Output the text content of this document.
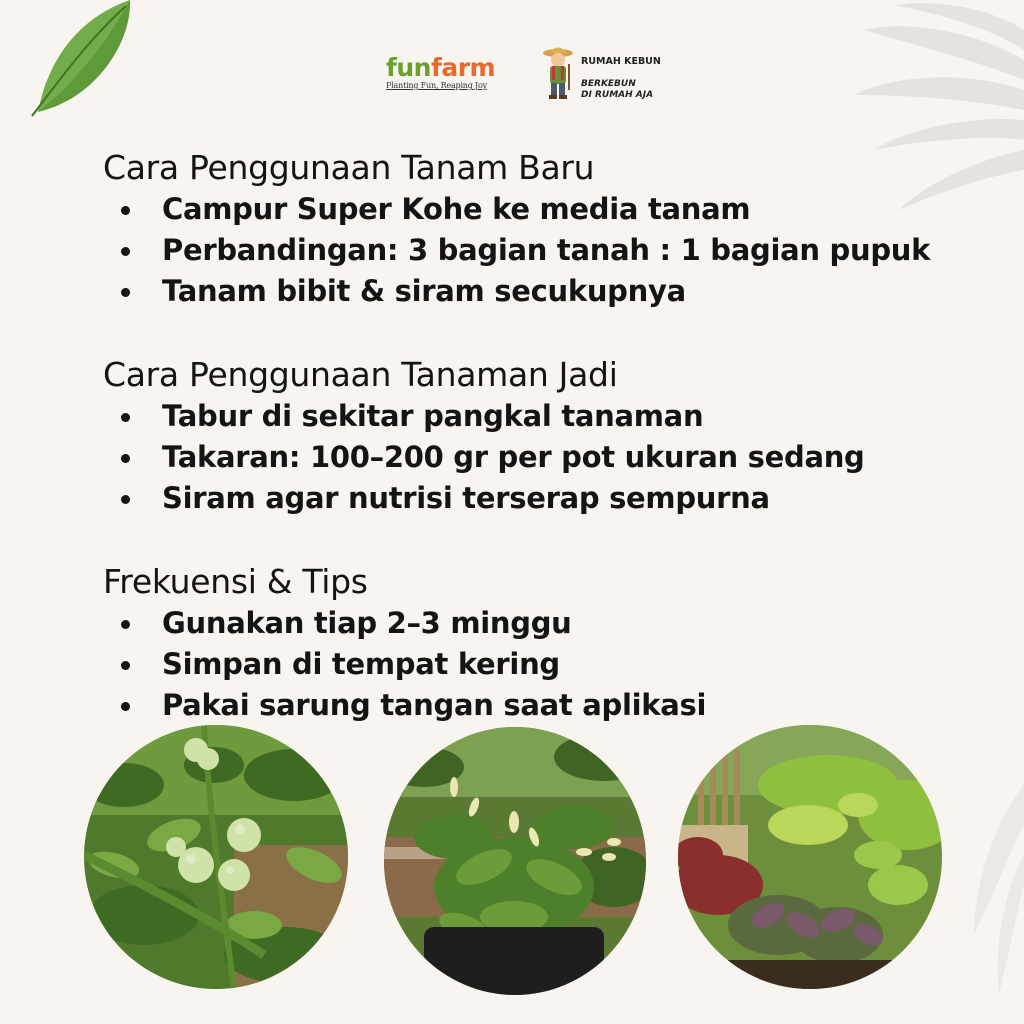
funfarm
Planting Fun, Reaping Joy
RUMAH KEBUN
BERKEBUN
DI RUMAH AJA
Cara Penggunaan Tanam Baru
Campur Super Kohe ke media tanam
Perbandingan: 3 bagian tanah : 1 bagian pupuk
Tanam bibit & siram secukupnya
Cara Penggunaan Tanaman Jadi
Tabur di sekitar pangkal tanaman
Takaran: 100–200 gr per pot ukuran sedang
Siram agar nutrisi terserap sempurna
Frekuensi & Tips
Gunakan tiap 2–3 minggu
Simpan di tempat kering
Pakai sarung tangan saat aplikasi
